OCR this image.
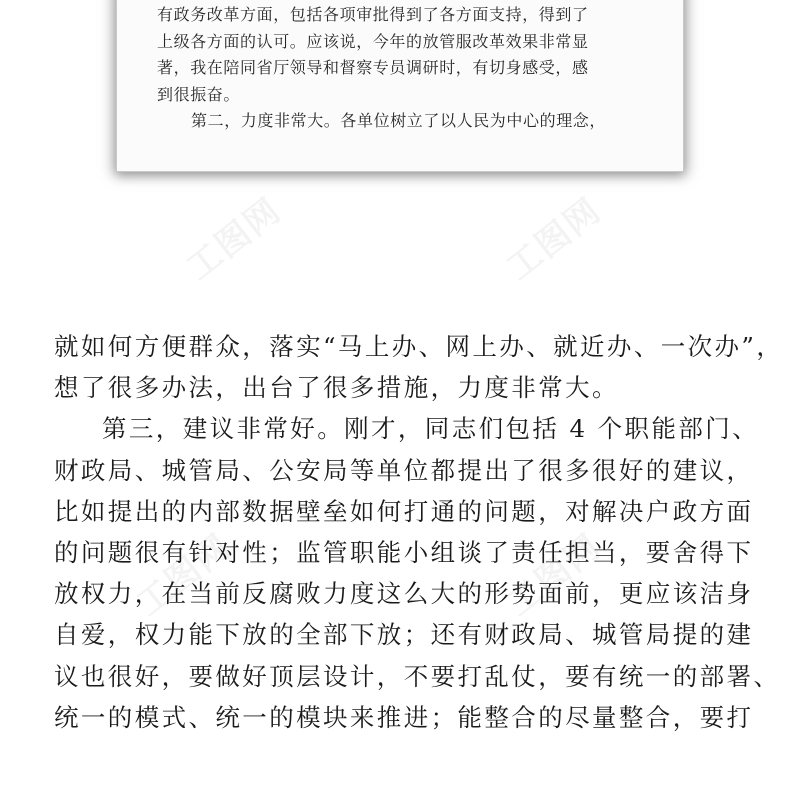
有政务改革方面，包括各项审批得到了各方面支持，得到了
上级各方面的认可。应该说，今年的放管服改革效果非常显
著，我在陪同省厅领导和督察专员调研时，有切身感受，感
到很振奋。
第二，力度非常大。各单位树立了以人民为中心的理念，
工图网	工图网
工图网	工图网
就如何方便群众，落实“马上办、网上办、就近办、一次办”，
想了很多办法，出台了很多措施，力度非常大。
第三，建议非常好。刚才，同志们包括 4 个职能部门、
财政局、城管局、公安局等单位都提出了很多很好的建议，
比如提出的内部数据壁垒如何打通的问题，对解决户政方面
的问题很有针对性；监管职能小组谈了责任担当，要舍得下
放权力，在当前反腐败力度这么大的形势面前，更应该洁身
自爱，权力能下放的全部下放；还有财政局、城管局提的建
议也很好，要做好顶层设计，不要打乱仗，要有统一的部署、
统一的模式、统一的模块来推进；能整合的尽量整合，要打
